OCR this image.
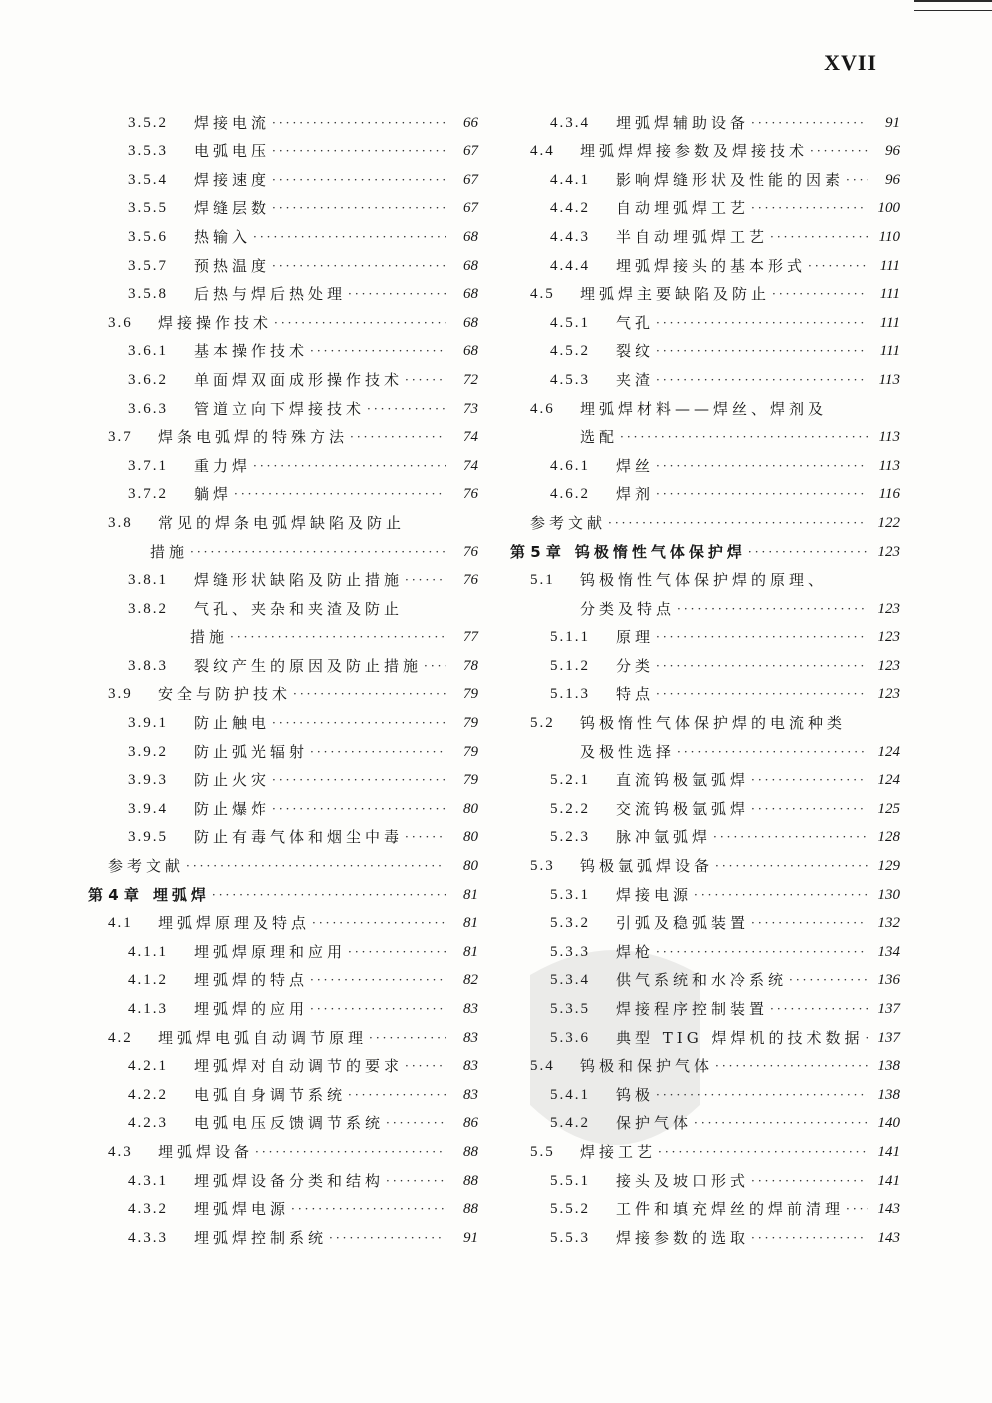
XVII
3.5.2	焊接电流 ·····	66
3.5.3	电弧电压 ·····	67
3.5.4	焊接速度 ·····	67
3.5.5	焊缝层数 ·····	67
3.5.6	热输入 ·····	68
3.5.7	预热温度 ·····	68
3.5.8	后热与焊后热处理 ·····	68
3.6	焊接操作技术 ·····	68
3.6.1	基本操作技术 ·····	68
3.6.2	单面焊双面成形操作技术 ·····	72
3.6.3	管道立向下焊接技术 ·····	73
3.7	焊条电弧焊的特殊方法 ·····	74
3.7.1	重力焊 ·····	74
3.7.2	躺焊 ·····	76
3.8	常见的焊条电弧焊缺陷及防止
措施 ·····	76
3.8.1	焊缝形状缺陷及防止措施 ·····	76
3.8.2	气孔、夹杂和夹渣及防止
措施 ·····	77
3.8.3	裂纹产生的原因及防止措施 ·····	78
3.9	安全与防护技术 ·····	79
3.9.1	防止触电 ·····	79
3.9.2	防止弧光辐射 ·····	79
3.9.3	防止火灾 ·····	79
3.9.4	防止爆炸 ·····	80
3.9.5	防止有毒气体和烟尘中毒 ·····	80
参考文献 ·····	80
第 4 章 埋弧焊 ·····	81
4.1	埋弧焊原理及特点 ·····	81
4.1.1	埋弧焊原理和应用 ·····	81
4.1.2	埋弧焊的特点 ·····	82
4.1.3	埋弧焊的应用 ·····	83
4.2	埋弧焊电弧自动调节原理 ·····	83
4.2.1	埋弧焊对自动调节的要求 ·····	83
4.2.2	电弧自身调节系统 ·····	83
4.2.3	电弧电压反馈调节系统 ·····	86
4.3	埋弧焊设备 ·····	88
4.3.1	埋弧焊设备分类和结构 ·····	88
4.3.2	埋弧焊电源 ·····	88
4.3.3	埋弧焊控制系统 ·····	91
4.3.4	埋弧焊辅助设备 ·····	91
4.4	埋弧焊焊接参数及焊接技术 ·····	96
4.4.1	影响焊缝形状及性能的因素 ·····	96
4.4.2	自动埋弧焊工艺 ·····	100
4.4.3	半自动埋弧焊工艺 ·····	110
4.4.4	埋弧焊接头的基本形式 ·····	111
4.5	埋弧焊主要缺陷及防止 ·····	111
4.5.1	气孔 ·····	111
4.5.2	裂纹 ·····	111
4.5.3	夹渣 ·····	113
4.6	埋弧焊材料——焊丝、焊剂及
选配 ·····	113
4.6.1	焊丝 ·····	113
4.6.2	焊剂 ·····	116
参考文献 ·····	122
第 5 章 钨极惰性气体保护焊 ·····	123
5.1	钨极惰性气体保护焊的原理、
分类及特点 ·····	123
5.1.1	原理 ·····	123
5.1.2	分类 ·····	123
5.1.3	特点 ·····	123
5.2	钨极惰性气体保护焊的电流种类
及极性选择 ·····	124
5.2.1	直流钨极氩弧焊 ·····	124
5.2.2	交流钨极氩弧焊 ·····	125
5.2.3	脉冲氩弧焊 ·····	128
5.3	钨极氩弧焊设备 ·····	129
5.3.1	焊接电源 ·····	130
5.3.2	引弧及稳弧装置 ·····	132
5.3.3	焊枪 ·····	134
5.3.4	供气系统和水冷系统 ·····	136
5.3.5	焊接程序控制装置 ·····	137
5.3.6	典型 TIG 焊焊机的技术数据 ····· 137
5.4	钨极和保护气体 ·····	138
5.4.1	钨极 ·····	138
5.4.2	保护气体 ·····	140
5.5	焊接工艺 ·····	141
5.5.1	接头及坡口形式 ·····	141
5.5.2	工件和填充焊丝的焊前清理 ·····	143
5.5.3	焊接参数的选取 ·····	143
